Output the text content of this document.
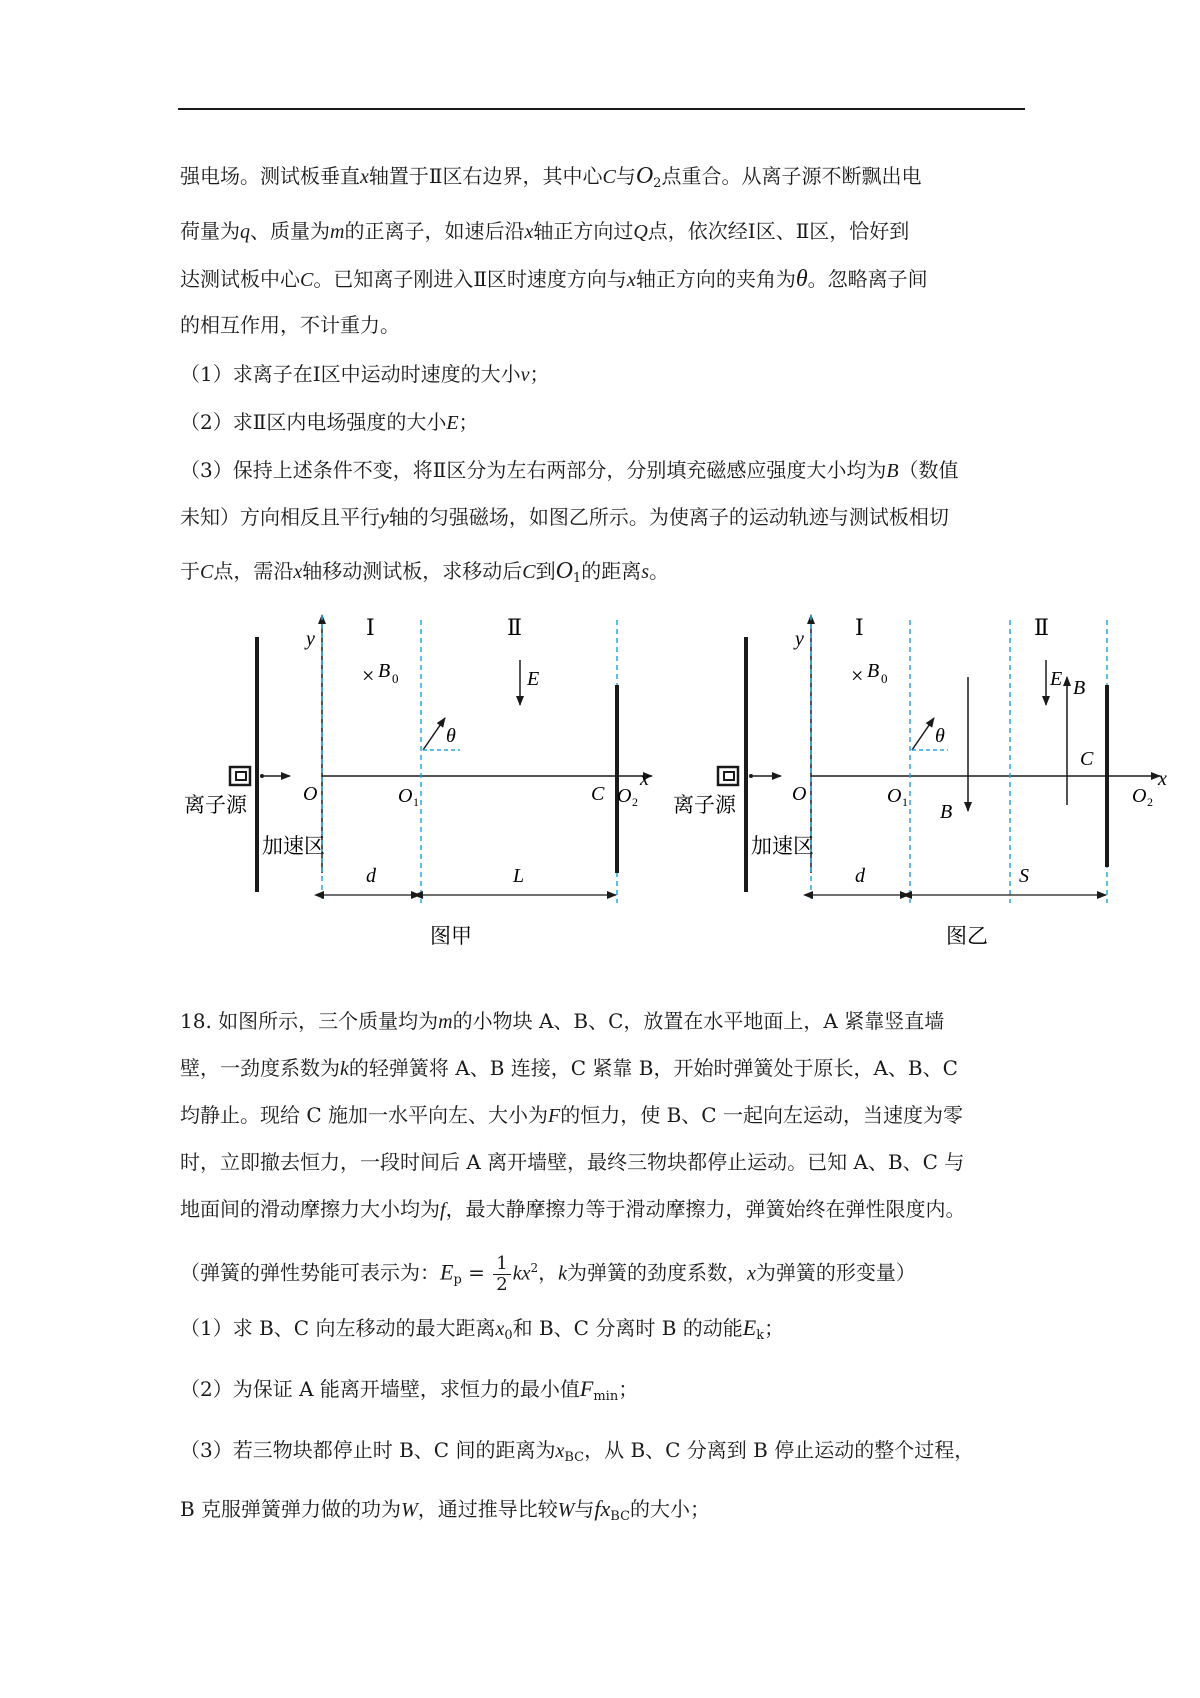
强电场。测试板垂直x轴置于Ⅱ区右边界，其中心C与$O_2$点重合。从离子源不断飘出电
荷量为q、质量为m的正离子，如速后沿x轴正方向过Q点，依次经Ⅰ区、Ⅱ区，恰好到
达测试板中心C。已知离子刚进入Ⅱ区时速度方向与x轴正方向的夹角为θ。忽略离子间
的相互作用，不计重力。
（1）求离子在Ⅰ区中运动时速度的大小v；
（2）求Ⅱ区内电场强度的大小E；
（3）保持上述条件不变，将Ⅱ区分为左右两部分，分别填充磁感应强度大小均为B（数值
未知）方向相反且平行y轴的匀强磁场，如图乙所示。为使离子的运动轨迹与测试板相切
于C点，需沿x轴移动测试板，求移动后C到$O_1$的距离s。
y Ⅰ	Ⅱ
× B 0	E
θ
O	O 1	C O 2
x
离子源
加速区
d	L
图甲
y Ⅰ	Ⅱ
× B 0	E B
B
θ
O	O 1
C
O 2
x
离子源
加速区
d	S
图乙
18. 如图所示，三个质量均为m的小物块 A、B、C，放置在水平地面上，A 紧靠竖直墙
壁，一劲度系数为k的轻弹簧将 A、B 连接，C 紧靠 B，开始时弹簧处于原长，A、B、C
均静止。现给 C 施加一水平向左、大小为F的恒力，使 B、C 一起向左运动，当速度为零
时，立即撤去恒力，一段时间后 A 离开墙壁，最终三物块都停止运动。已知 A、B、C 与
地面间的滑动摩擦力大小均为f，最大静摩擦力等于滑动摩擦力，弹簧始终在弹性限度内。
（弹簧的弹性势能可表示为：$E_p = \frac{1}{2} kx^2$，k为弹簧的劲度系数，x为弹簧的形变量）
（1）求 B、C 向左移动的最大距离$x_0$和 B、C 分离时 B 的动能$E_k$；
（2）为保证 A 能离开墙壁，求恒力的最小值$F_{min}$；
（3）若三物块都停止时 B、C 间的距离为$x_{BC}$，从 B、C 分离到 B 停止运动的整个过程，
B 克服弹簧弹力做的功为W，通过推导比较W与$fx_{BC}$的大小；
